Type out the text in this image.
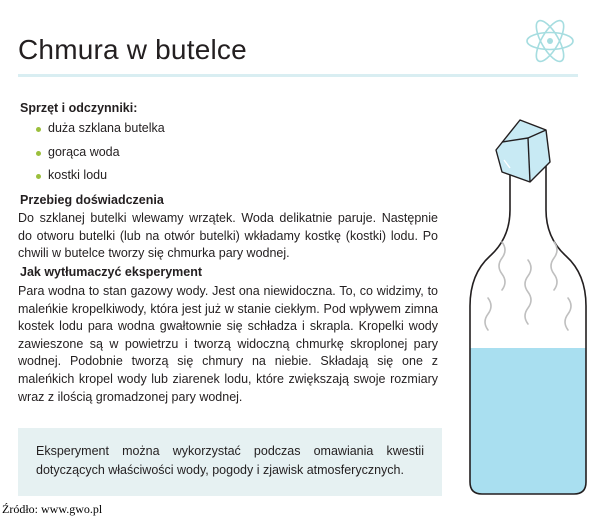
Chmura w butelce
Sprzęt i odczynniki:
duża szklana butelka
gorąca woda
kostki lodu
Przebieg doświadczenia

Do szklanej butelki wlewamy wrzątek. Woda delikatnie paruje. Następnie do otworu butelki (lub na otwór butelki) wkładamy kostkę (kostki) lodu. Po chwili w butelce tworzy się chmurka pary wodnej.

Jak wytłumaczyć eksperyment

Para wodna to stan gazowy wody. Jest ona niewidoczna. To, co widzimy, to maleńkie kropelkiwody, która jest już w stanie ciekłym. Pod wpływem zimna kostek lodu para wodna gwałtownie się schładza i skrapla. Kropelki wody zawieszone są w powietrzu i tworzą widoczną chmurkę skroplonej pary wodnej. Podobnie tworzą się chmury na niebie. Składają się one z maleńkich kropel wody lub ziarenek lodu, które zwiększają swoje rozmiary wraz z ilością gromadzonej pary wodnej.

Eksperyment można wykorzystać podczas omawiania kwestii dotyczących właściwości wody, pogody i zjawisk atmosferycznych.

Źródło: www.gwo.pl
